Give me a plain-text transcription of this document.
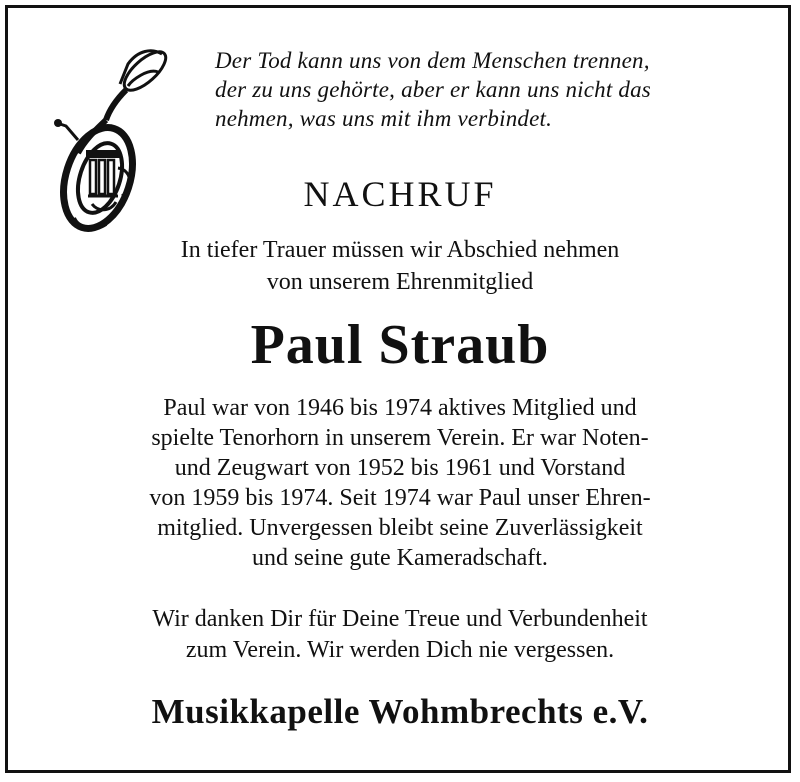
Der Tod kann uns von dem Menschen trennen,
der zu uns gehörte, aber er kann uns nicht das
nehmen, was uns mit ihm verbindet.
NACHRUF
In tiefer Trauer müssen wir Abschied nehmen
von unserem Ehrenmitglied
Paul Straub
Paul war von 1946 bis 1974 aktives Mitglied und
spielte Tenorhorn in unserem Verein. Er war Noten-
und Zeugwart von 1952 bis 1961 und Vorstand
von 1959 bis 1974. Seit 1974 war Paul unser Ehren-
mitglied. Unvergessen bleibt seine Zuverlässigkeit
und seine gute Kameradschaft.
Wir danken Dir für Deine Treue und Verbundenheit
zum Verein. Wir werden Dich nie vergessen.
Musikkapelle Wohmbrechts e.V.
